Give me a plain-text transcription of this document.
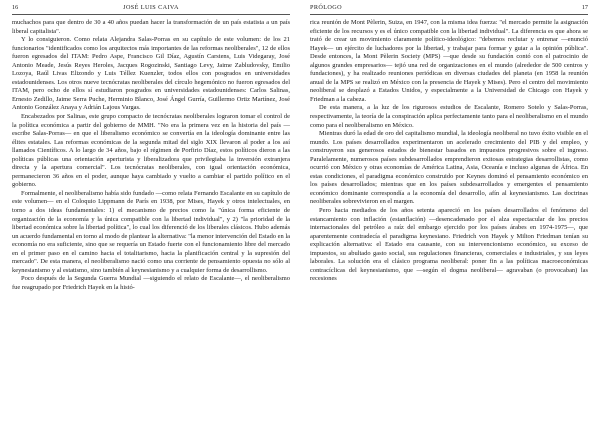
16	JOSÉ LUIS CAIVA

muchachos para que dentro de 30 a 40 años puedan hacer la transformación de un país estatista a un país liberal capitalista".

Y lo consiguieron. Como relata Alejandra Salas-Porras en su capítulo de este volumen: de los 21 funcionarios "identificados como los arquitectos más importantes de las reformas neoliberales", 12 de ellos fueron egresados del ITAM: Pedro Aspe, Francisco Gil Díaz, Agustín Carstens, Luis Videgaray, José Antonio Meade, Jesús Reyes Heroles, Jacques Rogozinski, Santiago Levy, Jaime Zabludovsky, Emilio Lozoya, Raúl Livas Elizondo y Luis Téllez Kuenzler, todos ellos con posgrados en universidades estadounidenses. Los otros nueve tecnócratas neoliberales del círculo hegemónico no fueron egresados del ITAM, pero ocho de ellos sí estudiaron posgrados en universidades estadounidenses: Carlos Salinas, Ernesto Zedillo, Jaime Serra Puche, Herminio Blanco, José Ángel Gurría, Guillermo Ortiz Martínez, José Antonio González Anaya y Adrián Lajous Vargas.

Encabezados por Salinas, este grupo compacto de tecnócratas neoliberales lograron tomar el control de la política económica a partir del gobierno de MMH. "No era la primera vez en la historia del país —escribe Salas-Porras— en que el liberalismo económico se convertía en la ideología dominante entre las élites estatales. Las reformas económicas de la segunda mitad del siglo XIX llevaron al poder a los así llamados Científicos. A lo largo de 34 años, bajo el régimen de Porfirio Díaz, estos políticos dieron a las políticas públicas una orientación aperturista y liberalizadora que privilegiaba la inversión extranjera directa y la apertura comercial". Los tecnócratas neoliberales, con igual orientación económica, permanecieron 36 años en el poder, aunque haya cambiado y vuelto a cambiar el partido político en el gobierno.

Formalmente, el neoliberalismo había sido fundado —como relata Fernando Escalante en su capítulo de este volumen— en el Coloquio Lippmann de París en 1938, por Mises, Hayek y otros intelectuales, en torno a dos ideas fundamentales: 1) el mecanismo de precios como la "única forma eficiente de organización de la economía y la única compatible con la libertad individual", y 2) "la prioridad de la libertad económica sobre la libertad política", lo cual los diferenció de los liberales clásicos. Hubo además un acuerdo fundamental en torno al modo de plantear la alternativa: "la menor intervención del Estado en la economía no era suficiente, sino que se requería un Estado fuerte con el funcionamiento libre del mercado en el primer paso en el camino hacia el totalitarismo, hacia la planificación central y la supresión del mercado". De esta manera, el neoliberalismo nació como una corriente de pensamiento opuesta no sólo al keynesianismo y al estatismo, sino también al keynesianismo y a cualquier forma de desarrollismo.

Poco después de la Segunda Guerra Mundial —siguiendo el relato de Escalante—, el neoliberalismo fue reagrupado por Friedrich Hayek en la histó-

PRÓLOGO	17

rica reunión de Mont Pèlerin, Suiza, en 1947, con la misma idea fuerza: "el mercado permite la asignación eficiente de los recursos y es el único compatible con la libertad individual". La diferencia es que ahora se trató de crear un movimiento claramente político-ideológico: "debemos reclutar y entrenar —enunció Hayek— un ejército de luchadores por la libertad, y trabajar para formar y guiar a la opinión pública". Desde entonces, la Mont Pèlerin Society (MPS) —que desde su fundación contó con el patrocinio de algunos grandes empresarios— tejió una red de organizaciones en el mundo (alrededor de 500 centros y fundaciones), y ha realizado reuniones periódicas en diversas ciudades del planeta (en 1958 la reunión anual de la MPS se realizó en México con la presencia de Hayek y Mises). Pero el centro del movimiento neoliberal se desplazó a Estados Unidos, y especialmente a la Universidad de Chicago con Hayek y Friedman a la cabeza.

De esta manera, a la luz de los rigurosos estudios de Escalante, Romero Sotelo y Salas-Porras, respectivamente, la teoría de la conspiración aplica perfectamente tanto para el neoliberalismo en el mundo como para el neoliberalismo en México.

Mientras duró la edad de oro del capitalismo mundial, la ideología neoliberal no tuvo éxito visible en el mundo. Los países desarrollados experimentaron un acelerado crecimiento del PIB y del empleo, y construyeron sus generosos estados de bienestar basados en impuestos progresivos sobre el ingreso. Paralelamente, numerosos países subdesarrollados emprendieron exitosas estrategias desarrollistas, como ocurrió con México y otras economías de América Latina, Asia, Oceanía e incluso algunas de África. En estas condiciones, el paradigma económico construido por Keynes dominó el pensamiento económico en los países desarrollados; mientras que en los países subdesarrollados y emergentes el pensamiento económico dominante correspondía a la economía del desarrollo, afín al keynesianismo. Las doctrinas neoliberales sobrevivieron en el margen.

Pero hacia mediados de los años setenta apareció en los países desarrollados el fenómeno del estancamiento con inflación (estanflación) —desencadenado por el alza espectacular de los precios internacionales del petróleo a raíz del embargo ejercido por los países árabes en 1974-1975—, que aparentemente contradecía el paradigma keynesiano. Friedrich von Hayek y Milton Friedman tenían su explicación alternativa: el Estado era causante, con su intervencionismo económico, su exceso de impuestos, su abultado gasto social, sus regulaciones financieras, comerciales e industriales, y sus leyes laborales. La solución era el clásico programa neoliberal: poner fin a las políticas macroeconómicas contracíclicas del keynesianismo, que —según el dogma neoliberal— agravaban (o provocaban) las recesiones
